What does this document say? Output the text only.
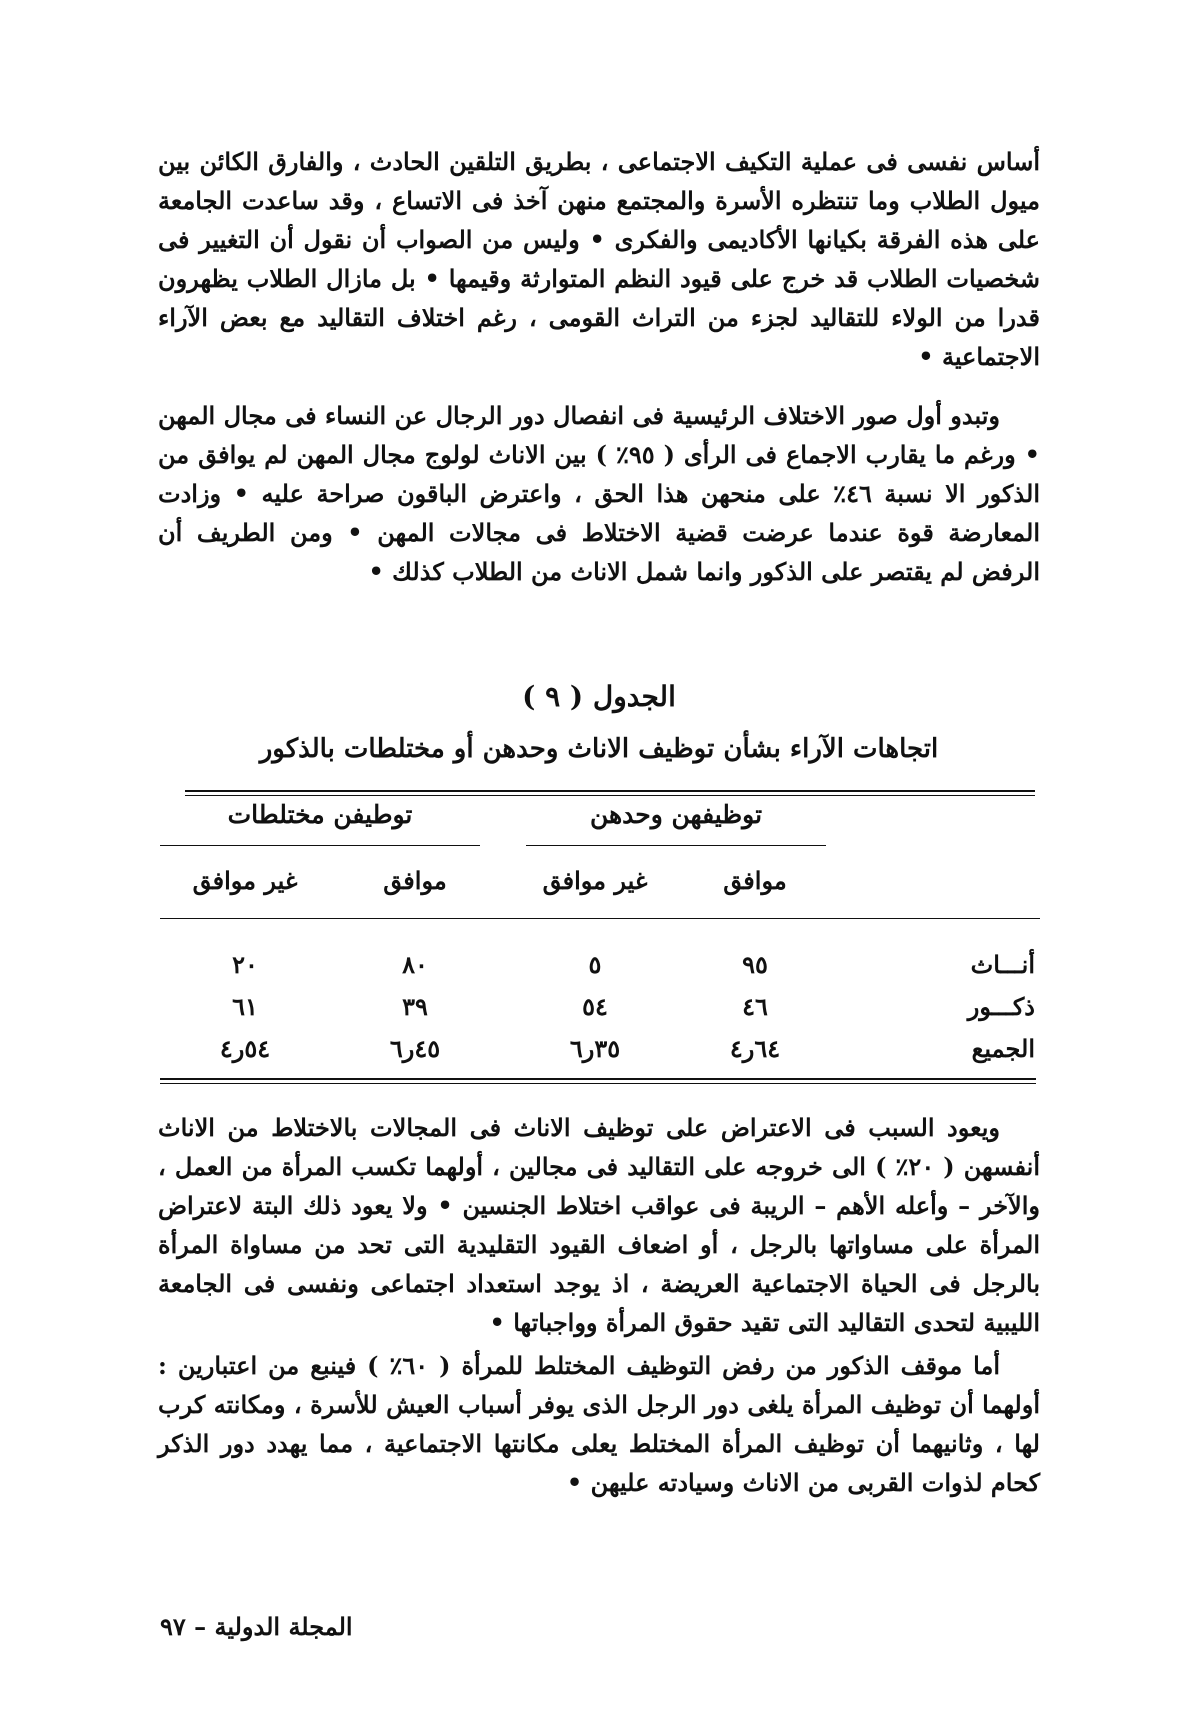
أساس نفسى فى عملية التكيف الاجتماعى ، بطريق التلقين الحادث ، والفارق الكائن بين ميول الطلاب وما تنتظره الأسرة والمجتمع منهن آخذ فى الاتساع ، وقد ساعدت الجامعة على هذه الفرقة بكيانها الأكاديمى والفكرى • وليس من الصواب أن نقول أن التغيير فى شخصيات الطلاب قد خرج على قيود النظم المتوارثة وقيمها • بل مازال الطلاب يظهرون قدرا من الولاء للتقاليد لجزء من التراث القومى ، رغم اختلاف التقاليد مع بعض الآراء الاجتماعية •
وتبدو أول صور الاختلاف الرئيسية فى انفصال دور الرجال عن النساء فى مجال المهن • ورغم ما يقارب الاجماع فى الرأى ( ٩٥٪ ) بين الاناث لولوج مجال المهن لم يوافق من الذكور الا نسبة ٤٦٪ على منحهن هذا الحق ، واعترض الباقون صراحة عليه • وزادت المعارضة قوة عندما عرضت قضية الاختلاط فى مجالات المهن • ومن الطريف أن الرفض لم يقتصر على الذكور وانما شمل الاناث من الطلاب كذلك •
الجدول ( ٩ )
اتجاهات الآراء بشأن توظيف الاناث وحدهن أو مختلطات بالذكور
توظيفهن وحدهن
توطيفن مختلطات
موافق
غير موافق
موافق
غير موافق
أنـــاث
٩٥
٥
٨٠
٢٠
ذكـــور
٤٦
٥٤
٣٩
٦١
الجميع
٦٤ر٤
٣٥ر٦
٤٥ر٦
٥٤ر٤
ويعود السبب فى الاعتراض على توظيف الاناث فى المجالات بالاختلاط من الاناث أنفسهن ( ٢٠٪ ) الى خروجه على التقاليد فى مجالين ، أولهما تكسب المرأة من العمل ، والآخر – وأعله الأهم – الريبة فى عواقب اختلاط الجنسين • ولا يعود ذلك البتة لاعتراض المرأة على مساواتها بالرجل ، أو اضعاف القيود التقليدية التى تحد من مساواة المرأة بالرجل فى الحياة الاجتماعية العريضة ، اذ يوجد استعداد اجتماعى ونفسى فى الجامعة الليبية لتحدى التقاليد التى تقيد حقوق المرأة وواجباتها •
أما موقف الذكور من رفض التوظيف المختلط للمرأة ( ٦٠٪ ) فينبع من اعتبارين : أولهما أن توظيف المرأة يلغى دور الرجل الذى يوفر أسباب العيش للأسرة ، ومكانته كرب لها ، وثانيهما أن توظيف المرأة المختلط يعلى مكانتها الاجتماعية ، مما يهدد دور الذكر كحام لذوات القربى من الاناث وسيادته عليهن •
المجلة الدولية – ٩٧
